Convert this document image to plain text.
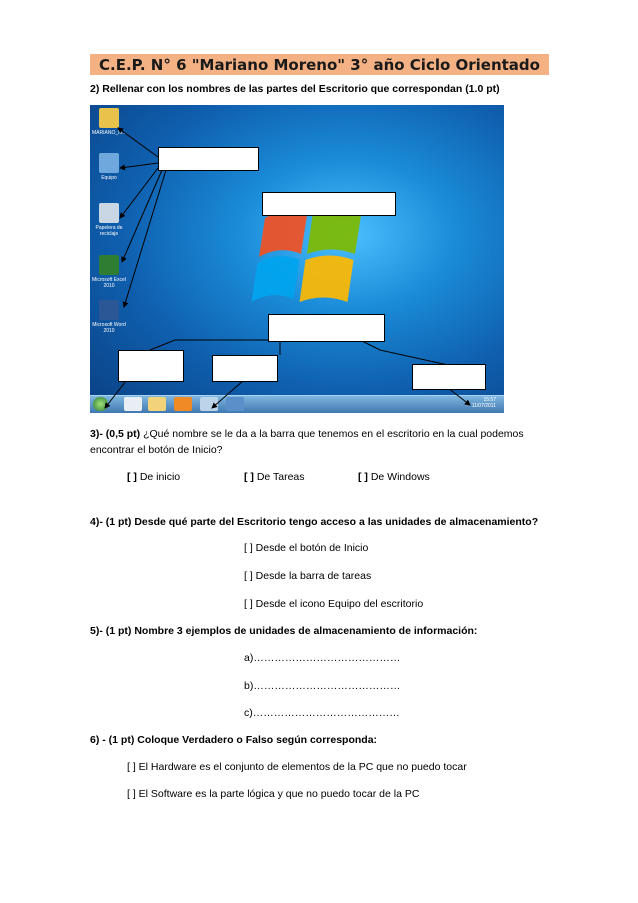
C.E.P. N° 6 "Mariano Moreno" 3° año Ciclo Orientado
2) Rellenar con los nombres de las partes del Escritorio que correspondan (1.0 pt)
MARIANO_M...
Equipo
Papelera de reciclaje
Microsoft Excel 2010
Microsoft Word 2010
15:57
11/07/2011
3)- (0,5 pt) ¿Qué nombre se le da a la barra que tenemos en el escritorio en la cual podemos
encontrar el botón de Inicio?
[ ] De inicio	[ ] De Tareas	[ ] De Windows
4)- (1 pt) Desde qué parte del Escritorio tengo acceso a las unidades de almacenamiento?
[ ] Desde el botón de Inicio
[ ] Desde la barra de tareas
[ ] Desde el icono Equipo del escritorio
5)- (1 pt) Nombre 3 ejemplos de unidades de almacenamiento de información:
a)……………………………………
b)……………………………………
c)……………………………………
6) - (1 pt) Coloque Verdadero o Falso según corresponda:
[ ] El Hardware es el conjunto de elementos de la PC que no puedo tocar
[ ] El Software es la parte lógica y que no puedo tocar de la PC
